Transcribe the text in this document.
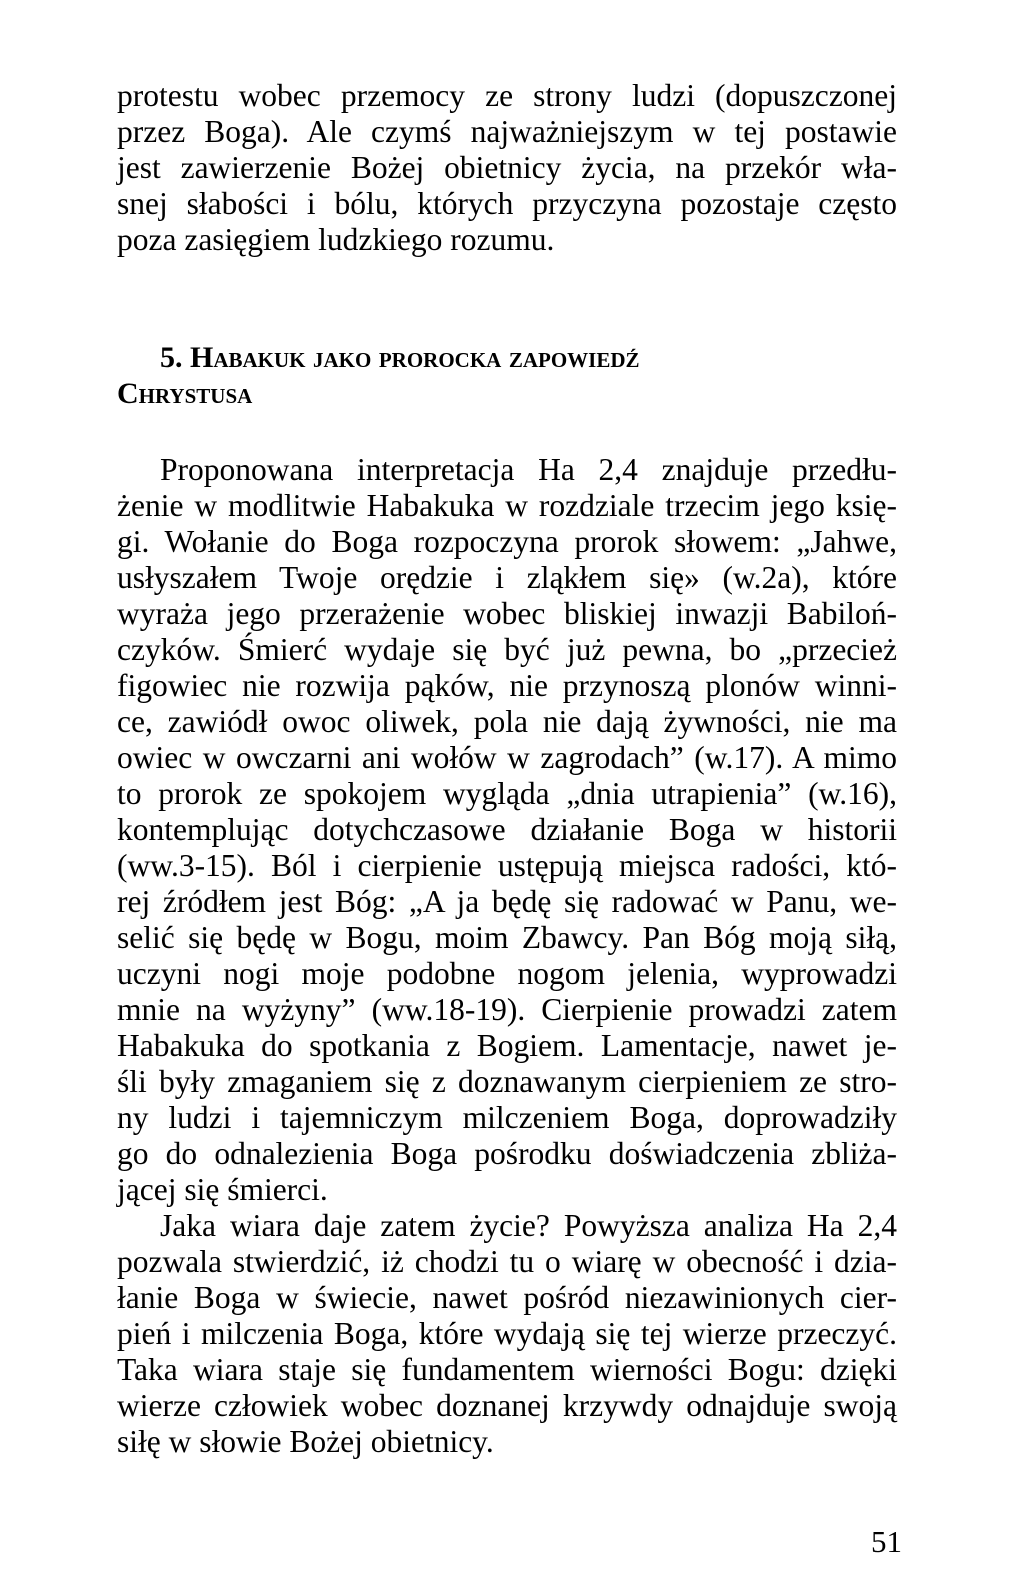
protestu wobec przemocy ze strony ludzi (dopuszczonej
przez Boga). Ale czymś najważniejszym w tej postawie
jest zawierzenie Bożej obietnicy życia, na przekór wła-
snej słabości i bólu, których przyczyna pozostaje często
poza zasięgiem ludzkiego rozumu.
5. Habakuk jako prorocka zapowiedź
Chrystusa
Proponowana interpretacja Ha 2,4 znajduje przedłu-
żenie w modlitwie Habakuka w rozdziale trzecim jego księ-
gi. Wołanie do Boga rozpoczyna prorok słowem: „Jahwe,
usłyszałem Twoje orędzie i zląkłem się» (w.2a), które
wyraża jego przerażenie wobec bliskiej inwazji Babiloń-
czyków. Śmierć wydaje się być już pewna, bo „przecież
figowiec nie rozwija pąków, nie przynoszą plonów winni-
ce, zawiódł owoc oliwek, pola nie dają żywności, nie ma
owiec w owczarni ani wołów w zagrodach” (w.17). A mimo
to prorok ze spokojem wygląda „dnia utrapienia” (w.16),
kontemplując dotychczasowe działanie Boga w historii
(ww.3-15). Ból i cierpienie ustępują miejsca radości, któ-
rej źródłem jest Bóg: „A ja będę się radować w Panu, we-
selić się będę w Bogu, moim Zbawcy. Pan Bóg moją siłą,
uczyni nogi moje podobne nogom jelenia, wyprowadzi
mnie na wyżyny” (ww.18-19). Cierpienie prowadzi zatem
Habakuka do spotkania z Bogiem. Lamentacje, nawet je-
śli były zmaganiem się z doznawanym cierpieniem ze stro-
ny ludzi i tajemniczym milczeniem Boga, doprowadziły
go do odnalezienia Boga pośrodku doświadczenia zbliża-
jącej się śmierci.
Jaka wiara daje zatem życie? Powyższa analiza Ha 2,4
pozwala stwierdzić, iż chodzi tu o wiarę w obecność i dzia-
łanie Boga w świecie, nawet pośród niezawinionych cier-
pień i milczenia Boga, które wydają się tej wierze przeczyć.
Taka wiara staje się fundamentem wierności Bogu: dzięki
wierze człowiek wobec doznanej krzywdy odnajduje swoją
siłę w słowie Bożej obietnicy.
51
